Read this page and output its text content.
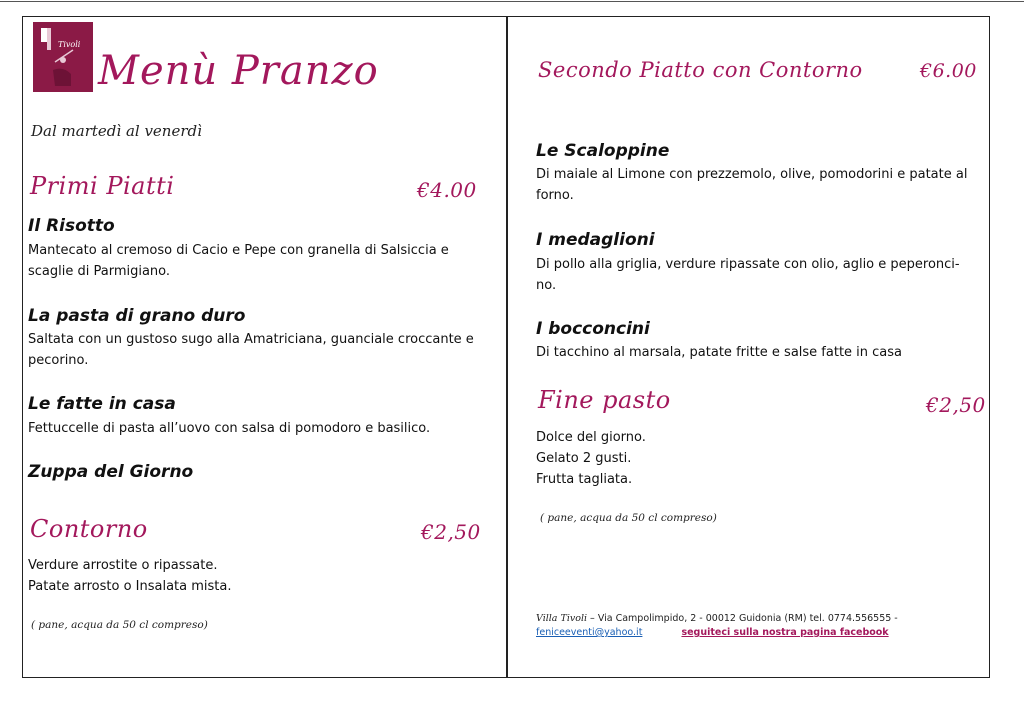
Tivoli
Menù Pranzo
Dal martedì al venerdì
Primi Piatti	€4.00
Il Risotto
Mantecato al cremoso di Cacio e Pepe con granella di Salsiccia e scaglie di Parmigiano.
La pasta di grano duro
Saltata con un gustoso sugo alla Amatriciana, guanciale croccante e pecorino.
Le fatte in casa
Fettuccelle di pasta all’uovo con salsa di pomodoro e basilico.
Zuppa del Giorno
Contorno	€2,50
Verdure arrostite o ripassate.
Patate arrosto o Insalata mista.
( pane, acqua da 50 cl compreso)
Secondo Piatto con Contorno	€6.00
Le Scaloppine
Di maiale al Limone con prezzemolo, olive, pomodorini e patate al forno.
I medaglioni
Di pollo alla griglia, verdure ripassate con olio, aglio e peperonci-no.
I bocconcini
Di tacchino al marsala, patate fritte e salse fatte in casa
Fine pasto	€2,50
Dolce del giorno.
Gelato 2 gusti.
Frutta tagliata.
( pane, acqua da 50 cl compreso)
Villa Tivoli – Via Campolimpido, 2 - 00012 Guidonia (RM) tel. 0774.556555 - feniceeventi@yahoo.it	seguiteci sulla nostra pagina facebook
